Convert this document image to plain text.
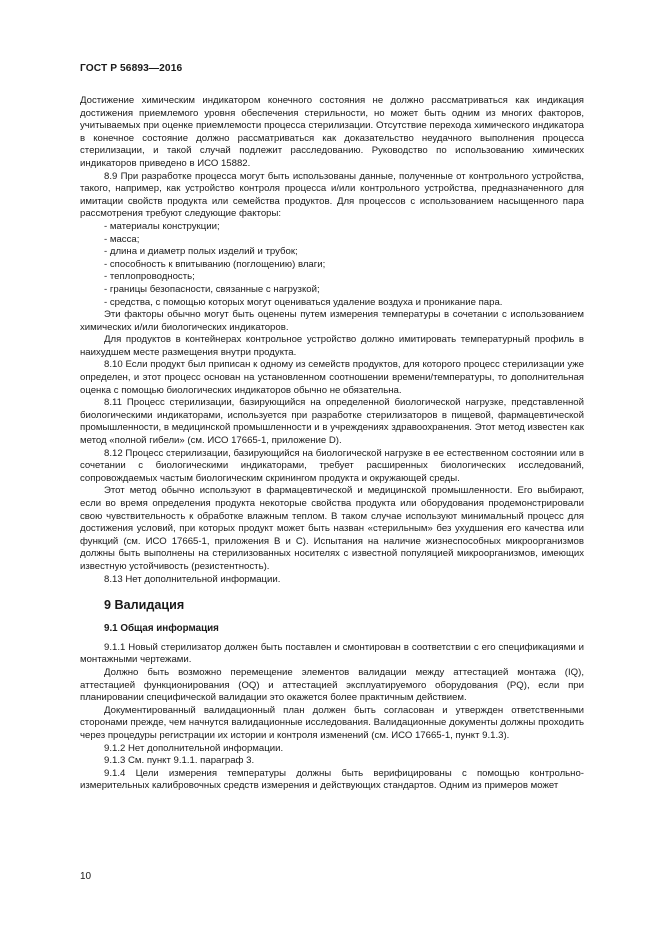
ГОСТ Р 56893—2016

Достижение химическим индикатором конечного состояния не должно рассматриваться как индикация достижения приемлемого уровня обеспечения стерильности, но может быть одним из многих факторов, учитываемых при оценке приемлемости процесса стерилизации. Отсутствие перехода химического индикатора в конечное состояние должно рассматриваться как доказательство неудачного выполнения процесса стерилизации, и такой случай подлежит расследованию. Руководство по использованию химических индикаторов приведено в ИСО 15882.

8.9 При разработке процесса могут быть использованы данные, полученные от контрольного устройства, такого, например, как устройство контроля процесса и/или контрольного устройства, предназначенного для имитации свойств продукта или семейства продуктов. Для процессов с использованием насыщенного пара рассмотрения требуют следующие факторы:

- материалы конструкции;

- масса;

- длина и диаметр полых изделий и трубок;

- способность к впитыванию (поглощению) влаги;

- теплопроводность;

- границы безопасности, связанные с нагрузкой;

- средства, с помощью которых могут оцениваться удаление воздуха и проникание пара.

Эти факторы обычно могут быть оценены путем измерения температуры в сочетании с использованием химических и/или биологических индикаторов.

Для продуктов в контейнерах контрольное устройство должно имитировать температурный профиль в наихудшем месте размещения внутри продукта.

8.10 Если продукт был приписан к одному из семейств продуктов, для которого процесс стерилизации уже определен, и этот процесс основан на установленном соотношении времени/температуры, то дополнительная оценка с помощью биологических индикаторов обычно не обязательна.

8.11 Процесс стерилизации, базирующийся на определенной биологической нагрузке, представленной биологическими индикаторами, используется при разработке стерилизаторов в пищевой, фармацевтической промышленности, в медицинской промышленности и в учреждениях здравоохранения. Этот метод известен как метод «полной гибели» (см. ИСО 17665-1, приложение D).

8.12 Процесс стерилизации, базирующийся на биологической нагрузке в ее естественном состоянии или в сочетании с биологическими индикаторами, требует расширенных биологических исследований, сопровождаемых частым биологическим скринингом продукта и окружающей среды.

Этот метод обычно используют в фармацевтической и медицинской промышленности. Его выбирают, если во время определения продукта некоторые свойства продукта или оборудования продемонстрировали свою чувствительность к обработке влажным теплом. В таком случае используют минимальный процесс для достижения условий, при которых продукт может быть назван «стерильным» без ухудшения его качества или функций (см. ИСО 17665-1, приложения B и C). Испытания на наличие жизнеспособных микроорганизмов должны быть выполнены на стерилизованных носителях с известной популяцией микроорганизмов, имеющих известную устойчивость (резистентность).

8.13 Нет дополнительной информации.

9 Валидация

9.1 Общая информация

9.1.1 Новый стерилизатор должен быть поставлен и смонтирован в соответствии с его спецификациями и монтажными чертежами.

Должно быть возможно перемещение элементов валидации между аттестацией монтажа (IQ), аттестацией функционирования (OQ) и аттестацией эксплуатируемого оборудования (PQ), если при планировании специфической валидации это окажется более практичным действием.

Документированный валидационный план должен быть согласован и утвержден ответственными сторонами прежде, чем начнутся валидационные исследования. Валидационные документы должны проходить через процедуры регистрации их истории и контроля изменений (см. ИСО 17665-1, пункт 9.1.3).

9.1.2 Нет дополнительной информации.

9.1.3 См. пункт 9.1.1. параграф 3.

9.1.4 Цели измерения температуры должны быть верифицированы с помощью контрольно-измерительных калибровочных средств измерения и действующих стандартов. Одним из примеров может

10
